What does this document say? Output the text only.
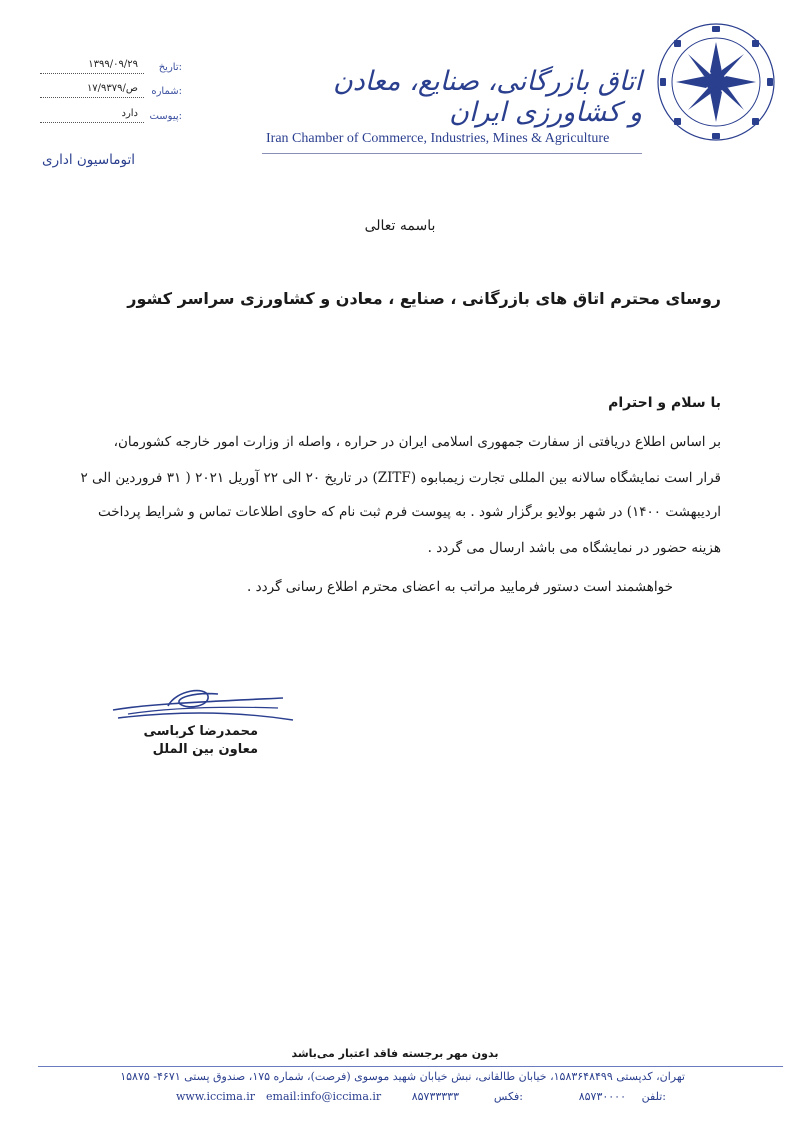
تاریخ:
۱۳۹۹/۰۹/۲۹
شماره:
۱۷/۹۳۷۹/ص
پیوست:
دارد
اتوماسیون اداری
اتاق بازرگانی، صنایع، معادن و کشاورزی ایران
Iran Chamber of Commerce, Industries, Mines & Agriculture
باسمه تعالی
روسای محترم اتاق های بازرگانی ، صنایع ، معادن و کشاورزی سراسر کشور
با سلام و احترام
بر اساس اطلاع دریافتی از سفارت جمهوری اسلامی ایران در حراره ، واصله از وزارت امور خارجه کشورمان،
قرار است نمایشگاه سالانه بین المللی تجارت زیمبابوه (ZITF) در تاریخ ۲۰ الی ۲۲ آوریل ۲۰۲۱ ( ۳۱ فروردین الی ۲
اردیبهشت ۱۴۰۰) در شهر بولایو برگزار شود . به پیوست فرم ثبت نام که حاوی اطلاعات تماس و شرایط پرداخت
هزینه حضور در نمایشگاه می باشد ارسال می گردد .
خواهشمند است دستور فرمایید مراتب به اعضای محترم اطلاع رسانی گردد .
محمدرضا کرباسی
معاون بین الملل
بدون مهر برجسته فاقد اعتبار می‌باشد
تهران، کدپستی ۱۵۸۳۶۴۸۴۹۹، خیابان طالقانی، نبش خیابان شهید موسوی (فرصت)، شماره ۱۷۵، صندوق پستی ۴۶۷۱- ۱۵۸۷۵
تلفن:
۸۵۷۳۰۰۰۰
فکس:
۸۵۷۳۳۳۳۳
email:info@iccima.ir
www.iccima.ir
